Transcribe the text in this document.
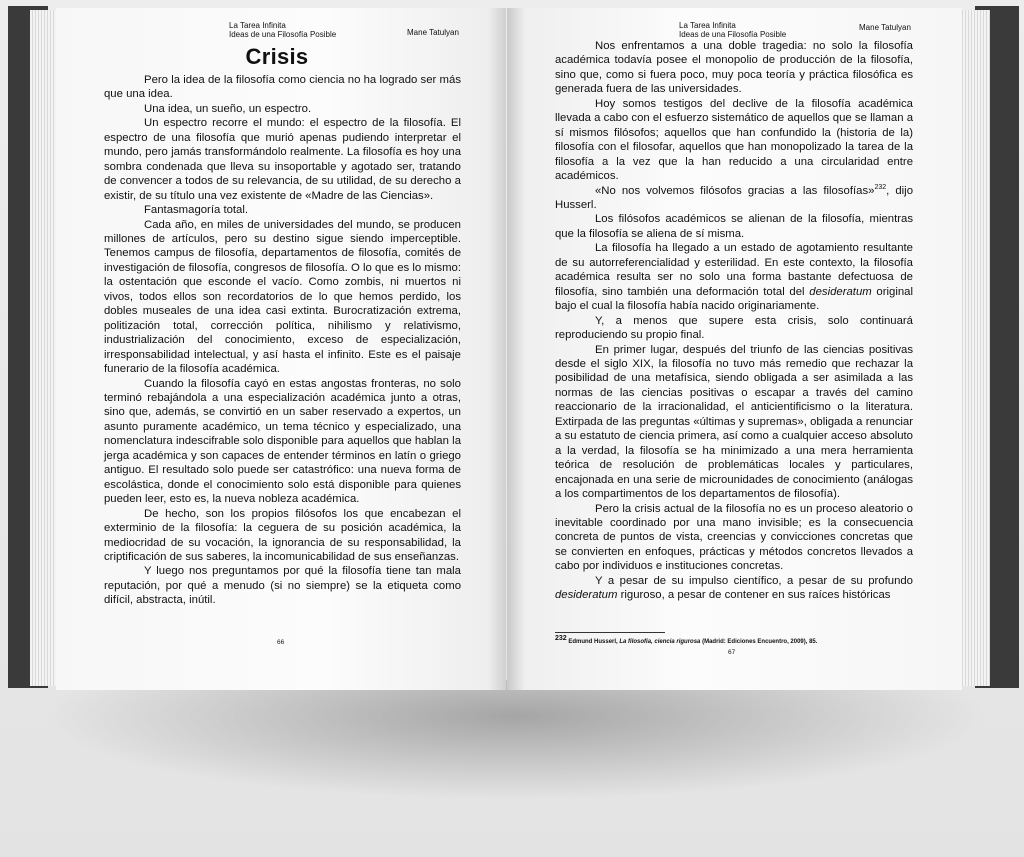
La Tarea Infinita
Ideas de una Filosofía Posible	Mane Tatulyan
Crisis

Pero la idea de la filosofía como ciencia no ha logrado ser más que una idea.

Una idea, un sueño, un espectro.

Un espectro recorre el mundo: el espectro de la filosofía. El espectro de una filosofía que murió apenas pudiendo interpretar el mundo, pero jamás transformándolo realmente. La filosofía es hoy una sombra condenada que lleva su insoportable y agotado ser, tratando de convencer a todos de su relevancia, de su utilidad, de su derecho a existir, de su título una vez existente de «Madre de las Ciencias».

Fantasmagoría total.

Cada año, en miles de universidades del mundo, se producen millones de artículos, pero su destino sigue siendo imperceptible. Tenemos campus de filosofía, departamentos de filosofía, comités de investigación de filosofía, congresos de filosofía. O lo que es lo mismo: la ostentación que esconde el vacío. Como zombis, ni muertos ni vivos, todos ellos son recordatorios de lo que hemos perdido, los dobles museales de una idea casi extinta. Burocratización extrema, politización total, corrección política, nihilismo y relativismo, industrialización del conocimiento, exceso de especialización, irresponsabilidad intelectual, y así hasta el infinito. Este es el paisaje funerario de la filosofía académica.

Cuando la filosofía cayó en estas angostas fronteras, no solo terminó rebajándola a una especialización académica junto a otras, sino que, además, se convirtió en un saber reservado a expertos, un asunto puramente académico, un tema técnico y especializado, una nomenclatura indescifrable solo disponible para aquellos que hablan la jerga académica y son capaces de entender términos en latín o griego antiguo. El resultado solo puede ser catastrófico: una nueva forma de escolástica, donde el conocimiento solo está disponible para quienes pueden leer, esto es, la nueva nobleza académica.

De hecho, son los propios filósofos los que encabezan el exterminio de la filosofía: la ceguera de su posición académica, la mediocridad de su vocación, la ignorancia de su responsabilidad, la criptificación de sus saberes, la incomunicabilidad de sus enseñanzas.

Y luego nos preguntamos por qué la filosofía tiene tan mala reputación, por qué a menudo (si no siempre) se la etiqueta como difícil, abstracta, inútil.

66
La Tarea Infinita
Ideas de una Filosofía Posible
Mane Tatulyan

Nos enfrentamos a una doble tragedia: no solo la filosofía académica todavía posee el monopolio de producción de la filosofía, sino que, como si fuera poco, muy poca teoría y práctica filosófica es generada fuera de las universidades.

Hoy somos testigos del declive de la filosofía académica llevada a cabo con el esfuerzo sistemático de aquellos que se llaman a sí mismos filósofos; aquellos que han confundido la (historia de la) filosofía con el filosofar, aquellos que han monopolizado la tarea de la filosofía a la vez que la han reducido a una circularidad entre académicos.

«No nos volvemos filósofos gracias a las filosofías»$^{232}$, dijo Husserl.

Los filósofos académicos se alienan de la filosofía, mientras que la filosofía se aliena de sí misma.

La filosofía ha llegado a un estado de agotamiento resultante de su autorreferencialidad y esterilidad. En este contexto, la filosofía académica resulta ser no solo una forma bastante defectuosa de filosofía, sino también una deformación total del desideratum original bajo el cual la filosofía había nacido originariamente.

Y, a menos que supere esta crisis, solo continuará reproduciendo su propio final.

En primer lugar, después del triunfo de las ciencias positivas desde el siglo XIX, la filosofía no tuvo más remedio que rechazar la posibilidad de una metafísica, siendo obligada a ser asimilada a las normas de las ciencias positivas o escapar a través del camino reaccionario de la irracionalidad, el anticientificismo o la literatura. Extirpada de las preguntas «últimas y supremas», obligada a renunciar a su estatuto de ciencia primera, así como a cualquier acceso absoluto a la verdad, la filosofía se ha minimizado a una mera herramienta teórica de resolución de problemáticas locales y particulares, encajonada en una serie de microunidades de conocimiento (análogas a los compartimentos de los departamentos de filosofía).

Pero la crisis actual de la filosofía no es un proceso aleatorio o inevitable coordinado por una mano invisible; es la consecuencia concreta de puntos de vista, creencias y convicciones concretas que se convierten en enfoques, prácticas y métodos concretos llevados a cabo por individuos e instituciones concretas.

Y a pesar de su impulso científico, a pesar de su profundo desideratum riguroso, a pesar de contener en sus raíces históricas

$^{232}$ Edmund Husserl, La filosofía, ciencia rigurosa (Madrid: Ediciones Encuentro, 2009), 85.
67
